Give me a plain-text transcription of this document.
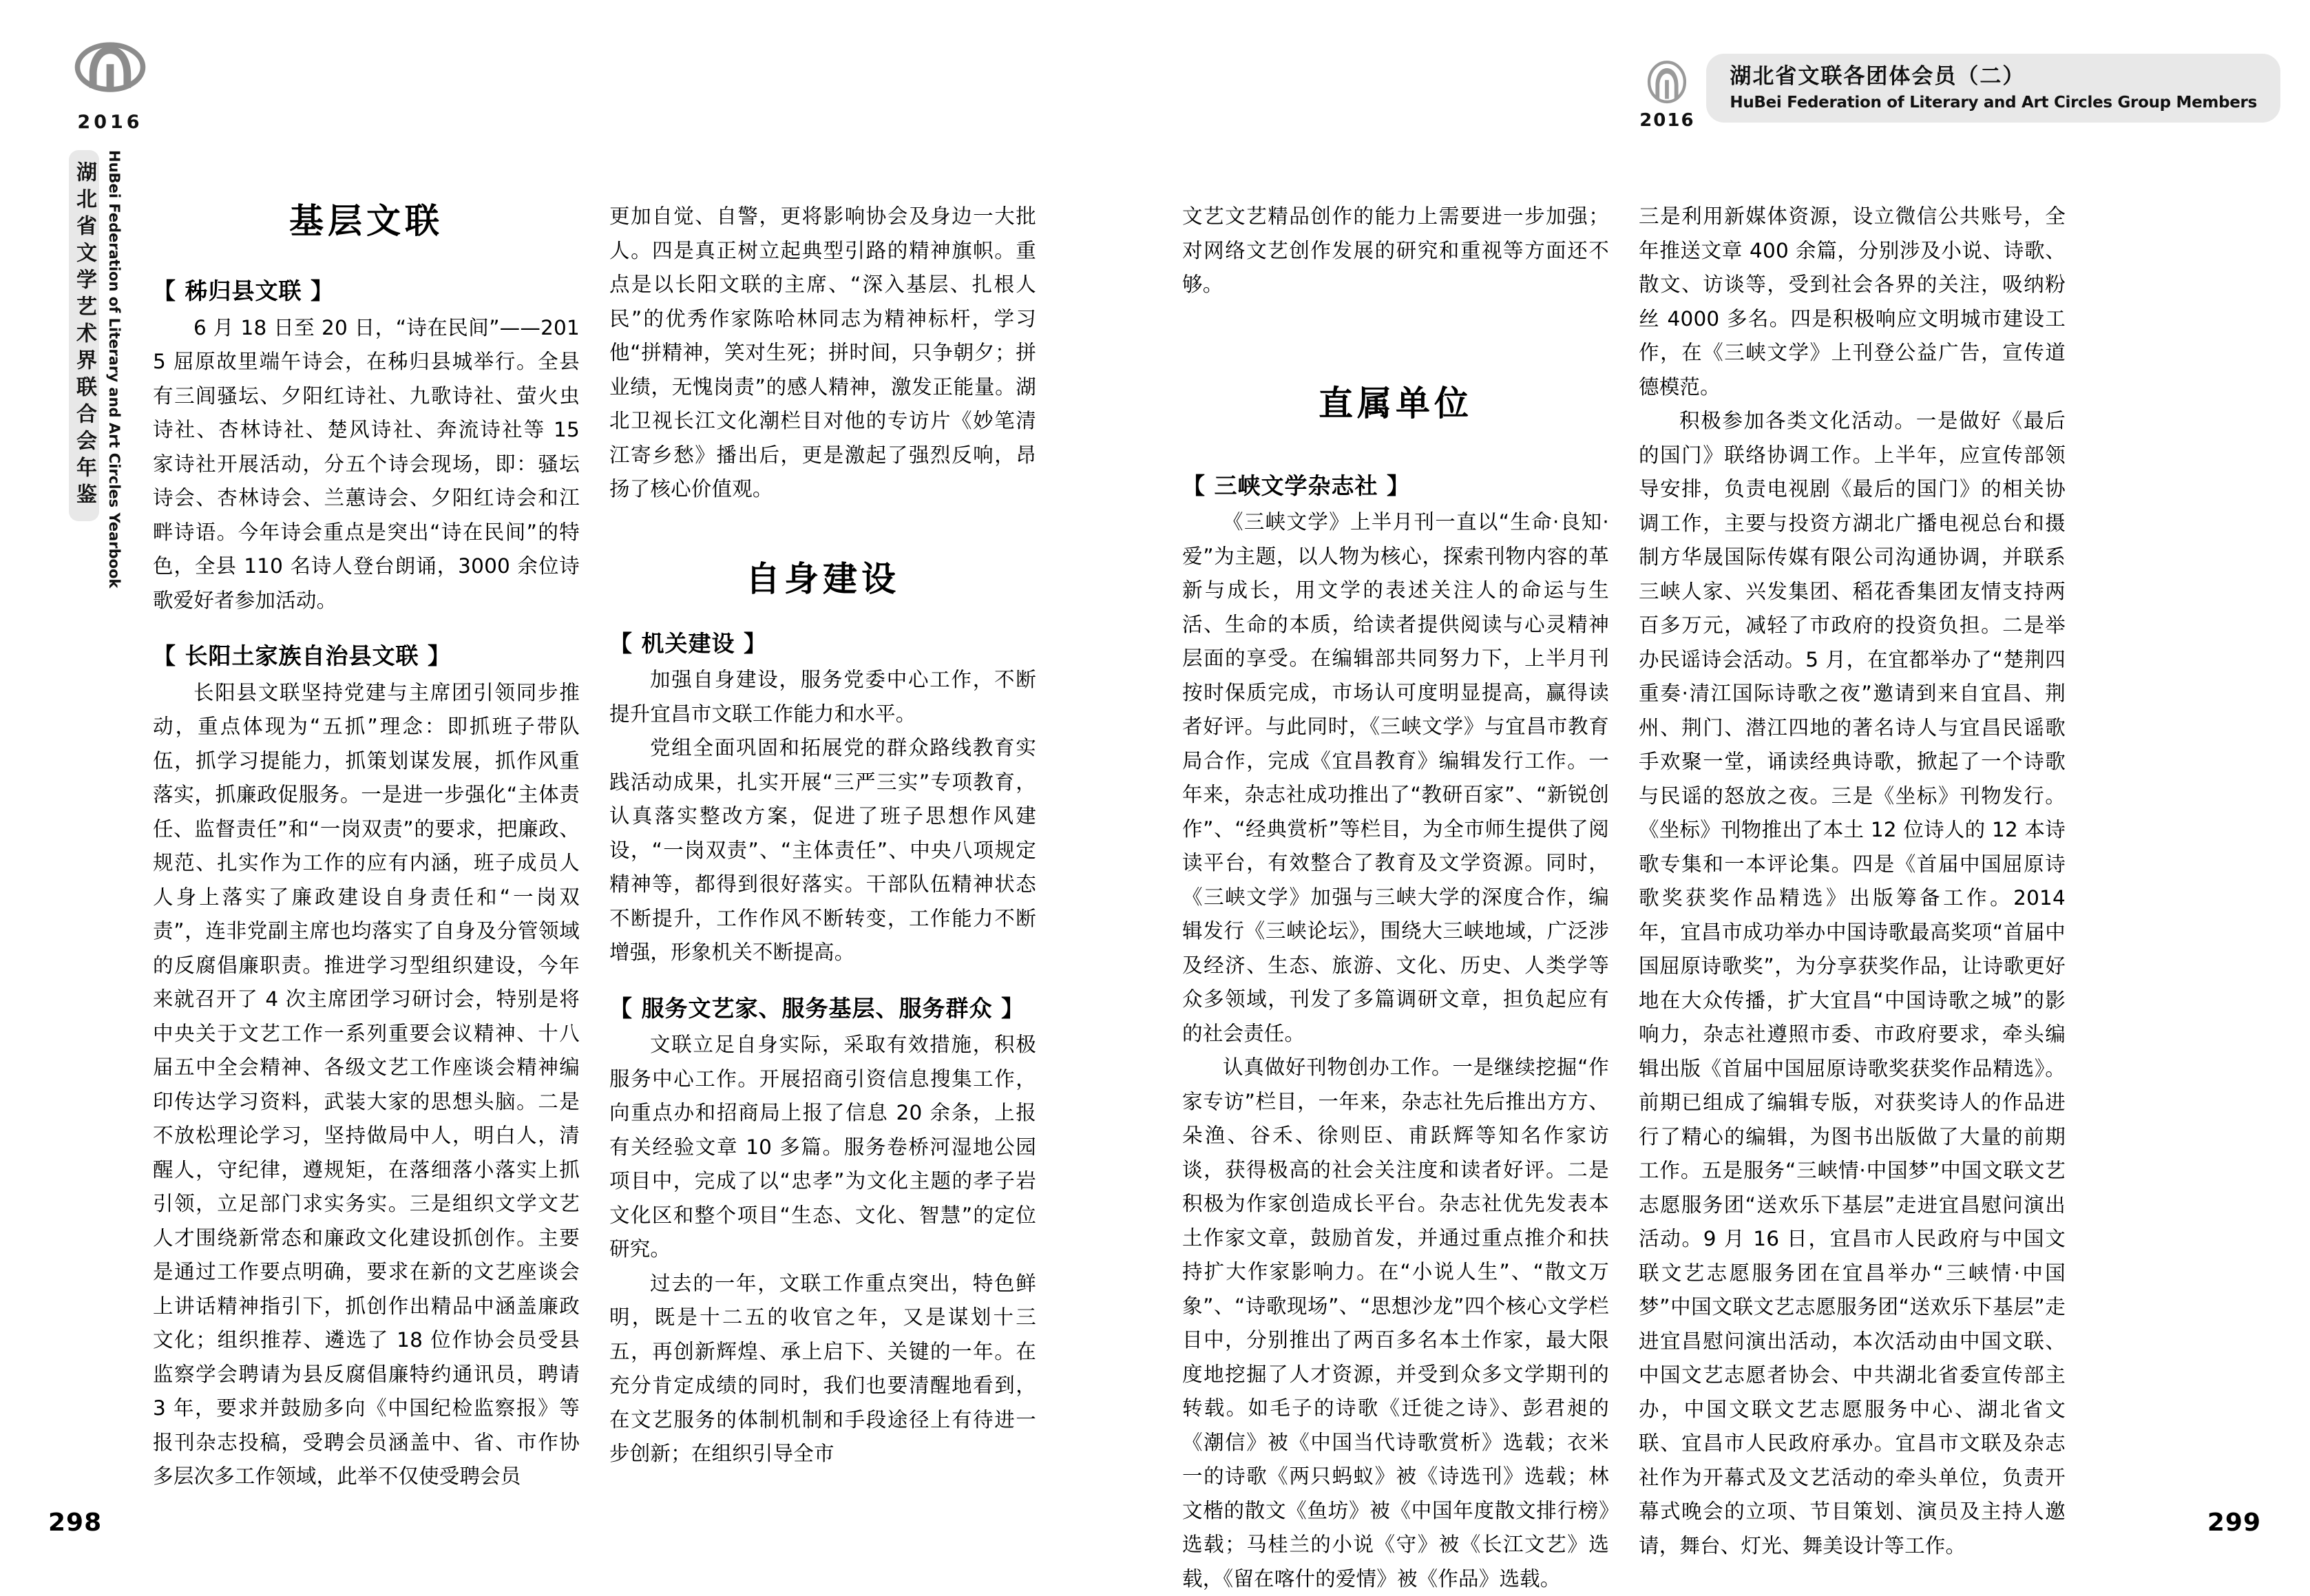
2016
湖北省文学艺术界联合会年鉴 HuBei Federation of Literary and Art Circles Yearbook	基层文联
【 秭归县文联 】

6 月 18 日至 20 日，“诗在民间”——2015 屈原故里端午诗会，在秭归县城举行。全县有三闾骚坛、夕阳红诗社、九歌诗社、萤火虫诗社、杏林诗社、楚风诗社、奔流诗社等 15 家诗社开展活动，分五个诗会现场，即：骚坛诗会、杏林诗会、兰蕙诗会、夕阳红诗会和江畔诗语。今年诗会重点是突出“诗在民间”的特色，全县 110 名诗人登台朗诵，3000 余位诗歌爱好者参加活动。

【 长阳土家族自治县文联 】

长阳县文联坚持党建与主席团引领同步推动，重点体现为“五抓”理念：即抓班子带队伍，抓学习提能力，抓策划谋发展，抓作风重落实，抓廉政促服务。一是进一步强化“主体责任、监督责任”和“一岗双责”的要求，把廉政、规范、扎实作为工作的应有内涵，班子成员人人身上落实了廉政建设自身责任和“一岗双责”，连非党副主席也均落实了自身及分管领域的反腐倡廉职责。推进学习型组织建设，今年来就召开了 4 次主席团学习研讨会，特别是将中央关于文艺工作一系列重要会议精神、十八届五中全会精神、各级文艺工作座谈会精神编印传达学习资料，武装大家的思想头脑。二是不放松理论学习，坚持做局中人，明白人，清醒人，守纪律，遵规矩，在落细落小落实上抓引领，立足部门求实务实。三是组织文学文艺人才围绕新常态和廉政文化建设抓创作。主要是通过工作要点明确，要求在新的文艺座谈会上讲话精神指引下，抓创作出精品中涵盖廉政文化；组织推荐、遴选了 18 位作协会员受县监察学会聘请为县反腐倡廉特约通讯员，聘请 3 年，要求并鼓励多向《中国纪检监察报》等报刊杂志投稿，受聘会员涵盖中、省、市作协多层次多工作领域，此举不仅使受聘会员

更加自觉、自警，更将影响协会及身边一大批人。四是真正树立起典型引路的精神旗帜。重点是以长阳文联的主席、“深入基层、扎根人民”的优秀作家陈哈林同志为精神标杆，学习他“拼精神，笑对生死；拼时间，只争朝夕；拼业绩，无愧岗责”的感人精神，激发正能量。湖北卫视长江文化潮栏目对他的专访片《妙笔清江寄乡愁》播出后，更是激起了强烈反响，昂扬了核心价值观。

自身建设
【 机关建设 】

加强自身建设，服务党委中心工作，不断提升宜昌市文联工作能力和水平。

党组全面巩固和拓展党的群众路线教育实践活动成果，扎实开展“三严三实”专项教育，认真落实整改方案，促进了班子思想作风建设，“一岗双责”、“主体责任”、中央八项规定精神等，都得到很好落实。干部队伍精神状态不断提升，工作作风不断转变，工作能力不断增强，形象机关不断提高。

【 服务文艺家、服务基层、服务群众 】

文联立足自身实际，采取有效措施，积极服务中心工作。开展招商引资信息搜集工作，向重点办和招商局上报了信息 20 余条，上报有关经验文章 10 多篇。服务卷桥河湿地公园项目中，完成了以“忠孝”为文化主题的孝子岩文化区和整个项目“生态、文化、智慧”的定位研究。

过去的一年，文联工作重点突出，特色鲜明，既是十二五的收官之年，又是谋划十三五，再创新辉煌、承上启下、关键的一年。在充分肯定成绩的同时，我们也要清醒地看到，在文艺服务的体制机制和手段途径上有待进一步创新；在组织引导全市

298
2016
湖北省文联各团体会员（二）
HuBei Federation of Literary and Art Circles Group Members

文艺文艺精品创作的能力上需要进一步加强；对网络文艺创作发展的研究和重视等方面还不够。

直属单位
【 三峡文学杂志社 】

《三峡文学》上半月刊一直以“生命·良知·爱”为主题，以人物为核心，探索刊物内容的革新与成长，用文学的表述关注人的命运与生活、生命的本质，给读者提供阅读与心灵精神层面的享受。在编辑部共同努力下，上半月刊按时保质完成，市场认可度明显提高，赢得读者好评。与此同时，《三峡文学》与宜昌市教育局合作，完成《宜昌教育》编辑发行工作。一年来，杂志社成功推出了“教研百家”、“新锐创作”、“经典赏析”等栏目，为全市师生提供了阅读平台，有效整合了教育及文学资源。同时，《三峡文学》加强与三峡大学的深度合作，编辑发行《三峡论坛》，围绕大三峡地域，广泛涉及经济、生态、旅游、文化、历史、人类学等众多领域，刊发了多篇调研文章，担负起应有的社会责任。

认真做好刊物创办工作。一是继续挖掘“作家专访”栏目，一年来，杂志社先后推出方方、朵渔、谷禾、徐则臣、甫跃辉等知名作家访谈，获得极高的社会关注度和读者好评。二是积极为作家创造成长平台。杂志社优先发表本土作家文章，鼓励首发，并通过重点推介和扶持扩大作家影响力。在“小说人生”、“散文万象”、“诗歌现场”、“思想沙龙”四个核心文学栏目中，分别推出了两百多名本土作家，最大限度地挖掘了人才资源，并受到众多文学期刊的转载。如毛子的诗歌《迁徙之诗》、彭君昶的《潮信》被《中国当代诗歌赏析》选载；衣米一的诗歌《两只蚂蚁》被《诗选刊》选载；林文楷的散文《鱼坊》被《中国年度散文排行榜》选载；马桂兰的小说《守》被《长江文艺》选载，《留在喀什的爱情》被《作品》选载。

三是利用新媒体资源，设立微信公共账号，全年推送文章 400 余篇，分别涉及小说、诗歌、散文、访谈等，受到社会各界的关注，吸纳粉丝 4000 多名。四是积极响应文明城市建设工作，在《三峡文学》上刊登公益广告，宣传道德模范。

积极参加各类文化活动。一是做好《最后的国门》联络协调工作。上半年，应宣传部领导安排，负责电视剧《最后的国门》的相关协调工作，主要与投资方湖北广播电视总台和摄制方华晟国际传媒有限公司沟通协调，并联系三峡人家、兴发集团、稻花香集团友情支持两百多万元，减轻了市政府的投资负担。二是举办民谣诗会活动。5 月，在宜都举办了“楚荆四重奏·清江国际诗歌之夜”邀请到来自宜昌、荆州、荆门、潜江四地的著名诗人与宜昌民谣歌手欢聚一堂，诵读经典诗歌，掀起了一个诗歌与民谣的怒放之夜。三是《坐标》刊物发行。《坐标》刊物推出了本土 12 位诗人的 12 本诗歌专集和一本评论集。四是《首届中国屈原诗歌奖获奖作品精选》出版筹备工作。2014 年，宜昌市成功举办中国诗歌最高奖项“首届中国屈原诗歌奖”，为分享获奖作品，让诗歌更好地在大众传播，扩大宜昌“中国诗歌之城”的影响力，杂志社遵照市委、市政府要求，牵头编辑出版《首届中国屈原诗歌奖获奖作品精选》。前期已组成了编辑专版，对获奖诗人的作品进行了精心的编辑，为图书出版做了大量的前期工作。五是服务“三峡情·中国梦”中国文联文艺志愿服务团“送欢乐下基层”走进宜昌慰问演出活动。9 月 16 日，宜昌市人民政府与中国文联文艺志愿服务团在宜昌举办“三峡情·中国梦”中国文联文艺志愿服务团“送欢乐下基层”走进宜昌慰问演出活动，本次活动由中国文联、中国文艺志愿者协会、中共湖北省委宣传部主办，中国文联文艺志愿服务中心、湖北省文联、宜昌市人民政府承办。宜昌市文联及杂志社作为开幕式及文艺活动的牵头单位，负责开幕式晚会的立项、节目策划、演员及主持人邀请，舞台、灯光、舞美设计等工作。

299
